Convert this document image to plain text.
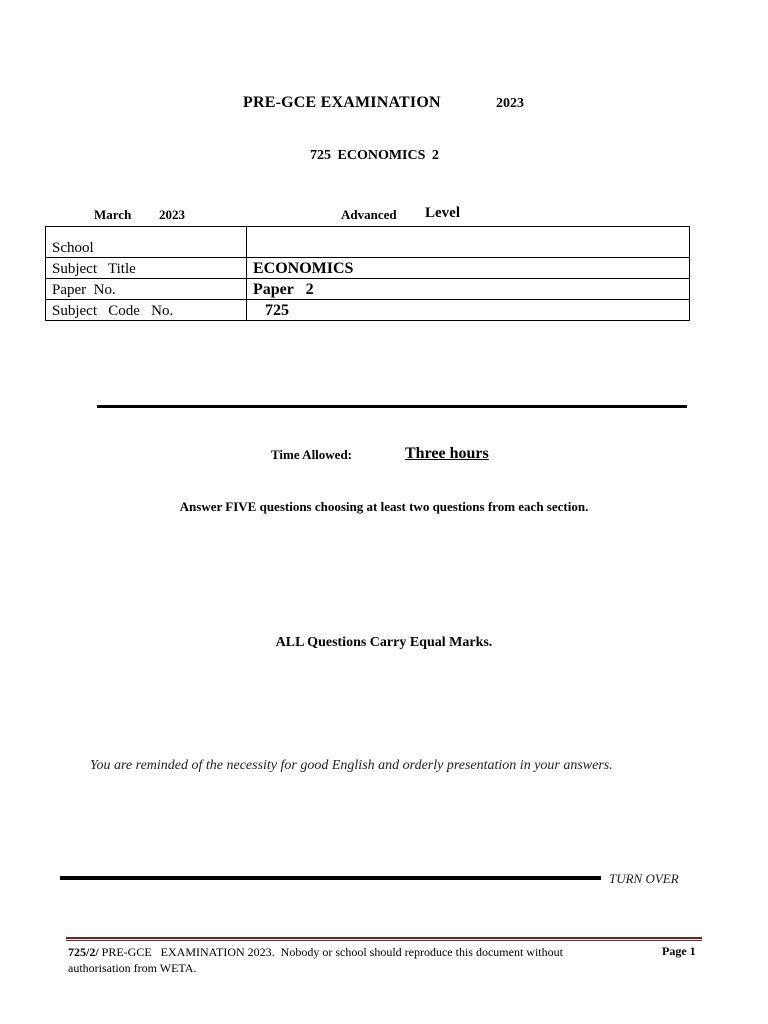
PRE-GCE EXAMINATION	2023
725 ECONOMICS 2
March 2023	Advanced Level
School	
Subject   Title	ECONOMICS
Paper  No.	Paper   2
Subject   Code   No.	725
Time Allowed:	Three hours
Answer FIVE questions choosing at least two questions from each section.
ALL Questions Carry Equal Marks.
You are reminded of the necessity for good English and orderly presentation in your answers.
TURN OVER
725/2/ PRE-GCE   EXAMINATION 2023.  Nobody or school should reproduce this document without authorisation from WETA.
Page 1
